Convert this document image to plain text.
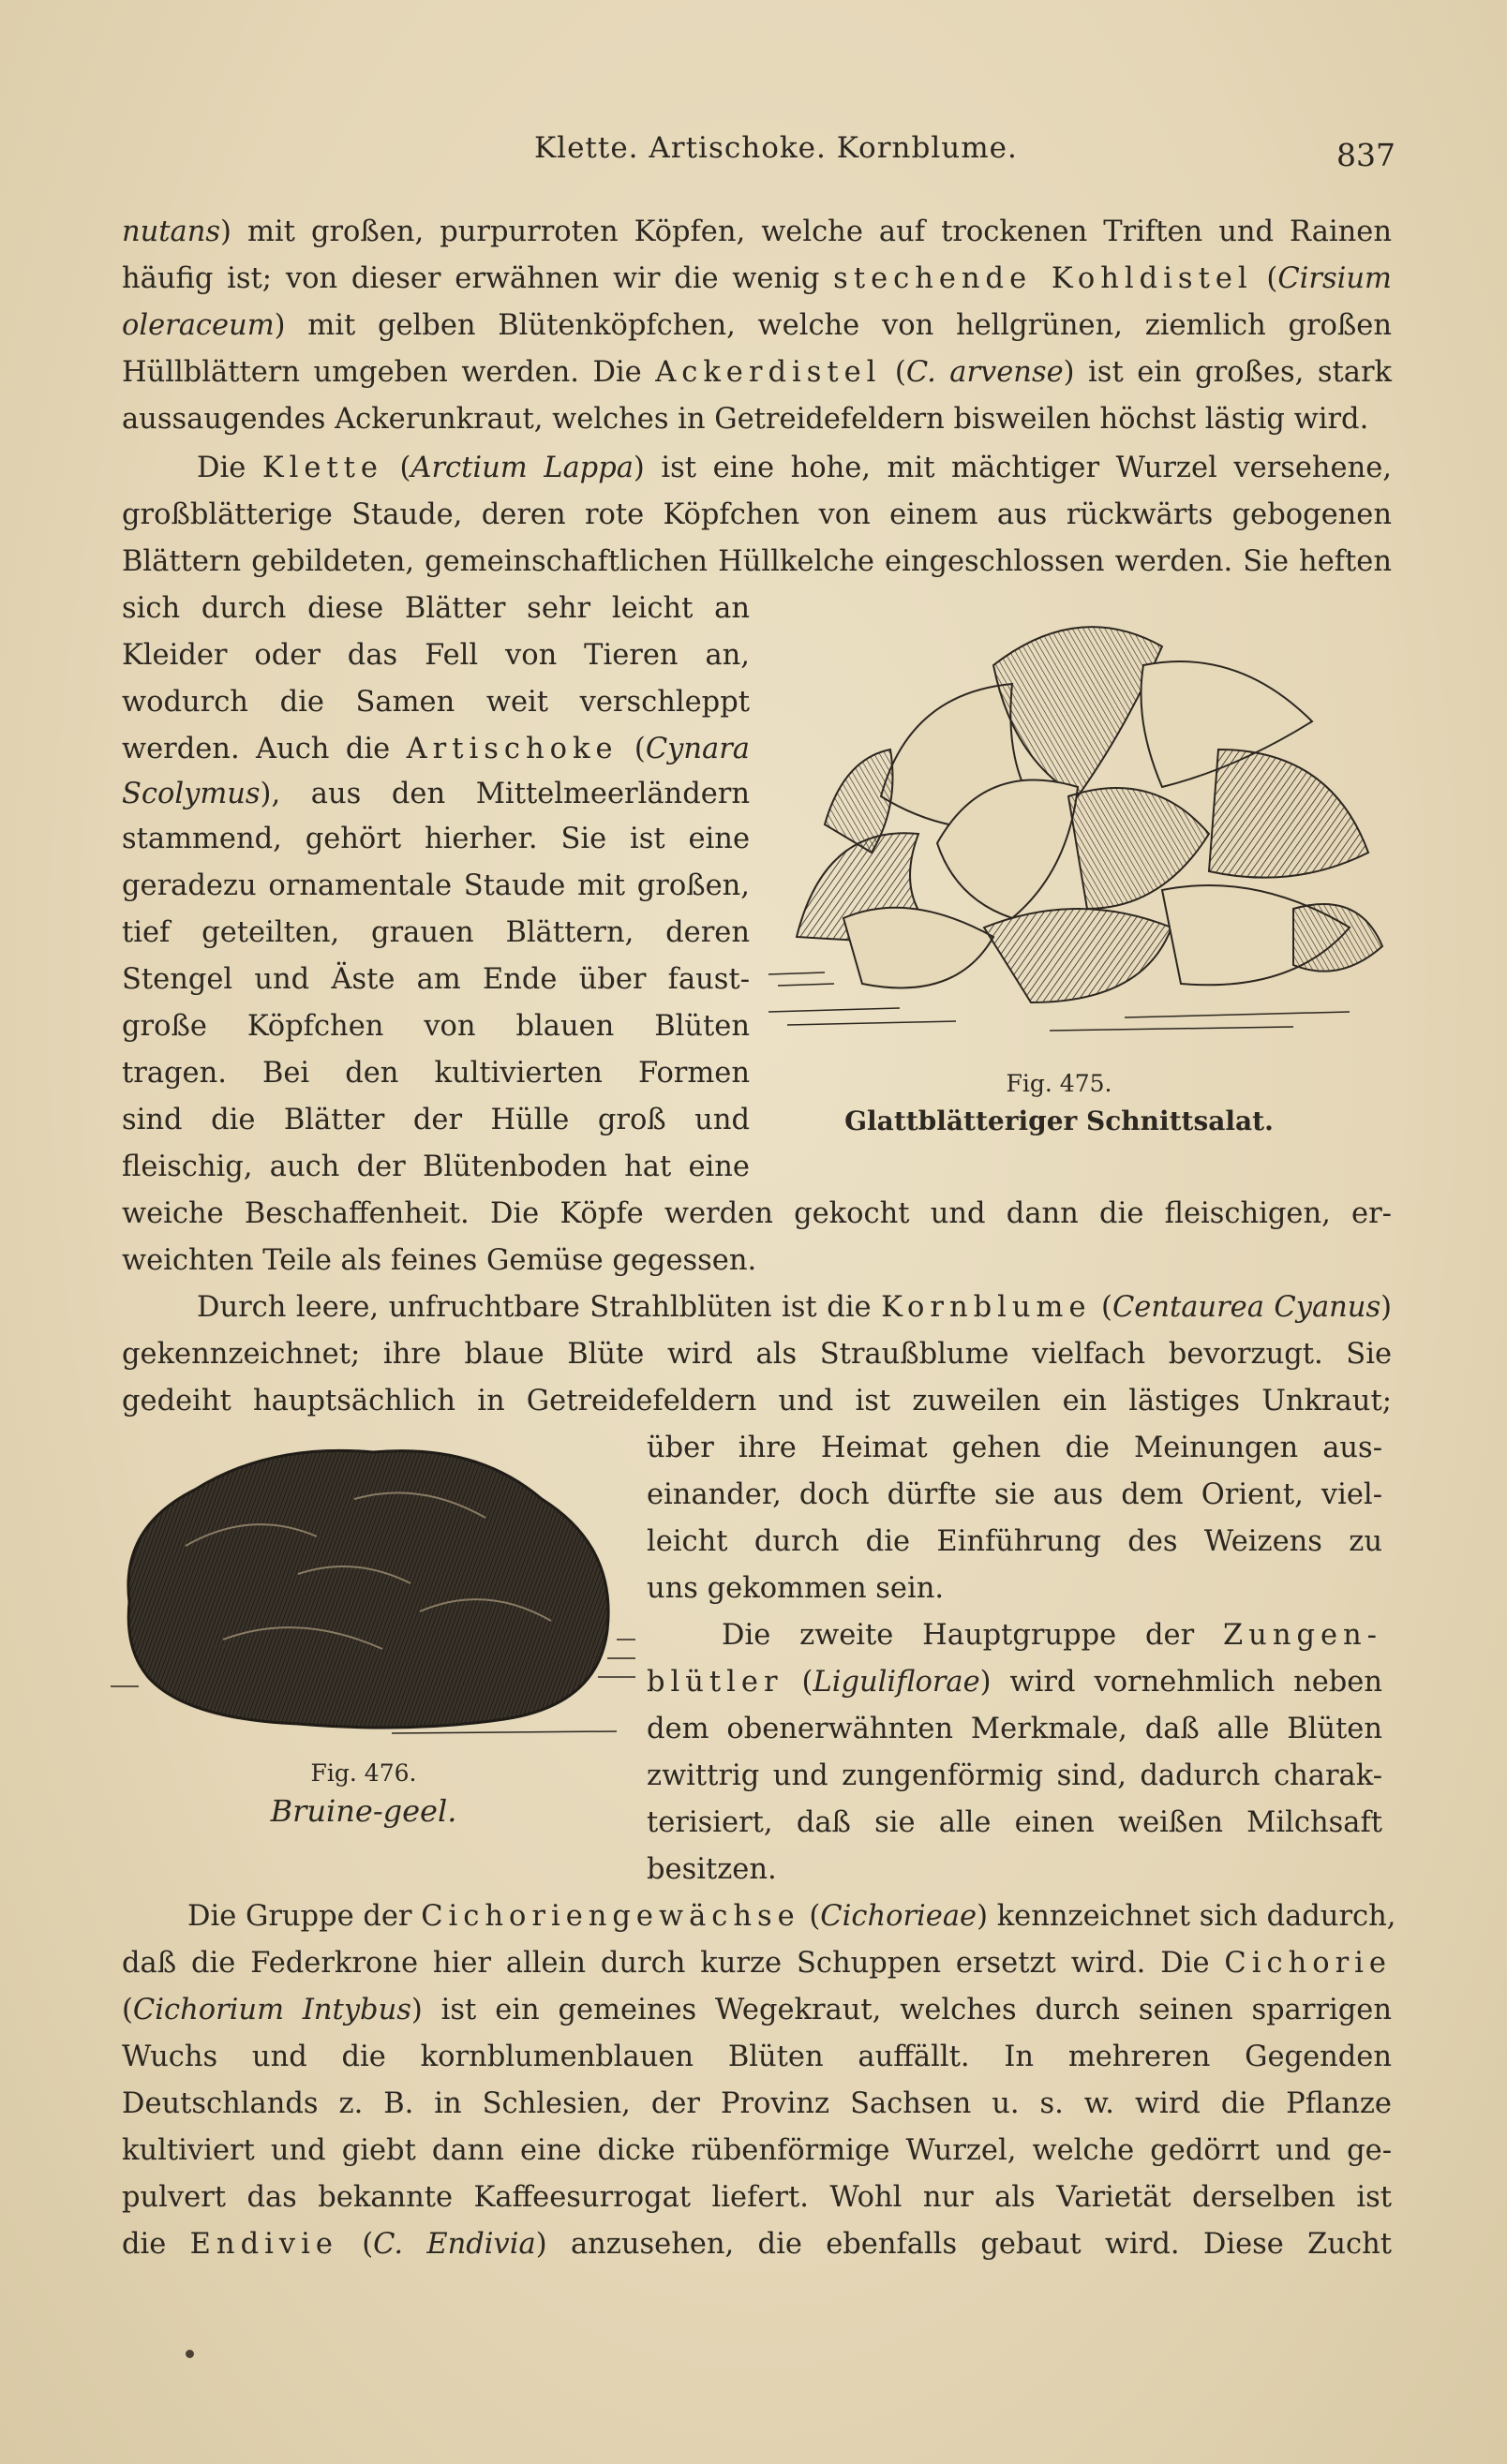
Klette. Artischoke. Kornblume.	837
nutans) mit großen, purpurroten Köpfen, welche auf trockenen Triften und Rainen
häufig ist; von dieser erwähnen wir die wenig stechende Kohldistel (Cirsium
oleraceum) mit gelben Blütenköpfchen, welche von hellgrünen, ziemlich großen
Hüllblättern umgeben werden. Die Ackerdistel (C. arvense) ist ein großes, stark
aussaugendes Ackerunkraut, welches in Getreidefeldern bisweilen höchst lästig wird.
Die Klette (Arctium Lappa) ist eine hohe, mit mächtiger Wurzel versehene,
großblätterige Staude, deren rote Köpfchen von einem aus rückwärts gebogenen
Blättern gebildeten, gemeinschaftlichen Hüllkelche eingeschlossen werden. Sie heften
sich durch diese Blätter sehr leicht an
Kleider oder das Fell von Tieren an,
wodurch die Samen weit verschleppt
werden. Auch die Artischoke (Cynara
Scolymus), aus den Mittelmeerländern
stammend, gehört hierher. Sie ist eine
geradezu ornamentale Staude mit großen,
tief geteilten, grauen Blättern, deren
Stengel und Äste am Ende über faust-
große Köpfchen von blauen Blüten
tragen. Bei den kultivierten Formen
sind die Blätter der Hülle groß und
fleischig, auch der Blütenboden hat eine
weiche Beschaffenheit. Die Köpfe werden gekocht und dann die fleischigen, er-
weichten Teile als feines Gemüse gegessen.
Fig. 475.
Glattblätteriger Schnittsalat.
Durch leere, unfruchtbare Strahlblüten ist die Kornblume (Centaurea Cyanus)
gekennzeichnet; ihre blaue Blüte wird als Straußblume vielfach bevorzugt. Sie
gedeiht hauptsächlich in Getreidefeldern und ist zuweilen ein lästiges Unkraut;
über ihre Heimat gehen die Meinungen aus-
einander, doch dürfte sie aus dem Orient, viel-
leicht durch die Einführung des Weizens zu
uns gekommen sein.
Fig. 476.
Bruine-geel.
Die zweite Hauptgruppe der Zungen-
blütler (Liguliflorae) wird vornehmlich neben
dem obenerwähnten Merkmale, daß alle Blüten
zwittrig und zungenförmig sind, dadurch charak-
terisiert, daß sie alle einen weißen Milchsaft
besitzen.
Die Gruppe der Cichoriengewächse (Cichorieae) kennzeichnet sich dadurch,
daß die Federkrone hier allein durch kurze Schuppen ersetzt wird. Die Cichorie
(Cichorium Intybus) ist ein gemeines Wegekraut, welches durch seinen sparrigen
Wuchs und die kornblumenblauen Blüten auffällt. In mehreren Gegenden
Deutschlands z. B. in Schlesien, der Provinz Sachsen u. s. w. wird die Pflanze
kultiviert und giebt dann eine dicke rübenförmige Wurzel, welche gedörrt und ge-
pulvert das bekannte Kaffeesurrogat liefert. Wohl nur als Varietät derselben ist
die Endivie (C. Endivia) anzusehen, die ebenfalls gebaut wird. Diese Zucht
